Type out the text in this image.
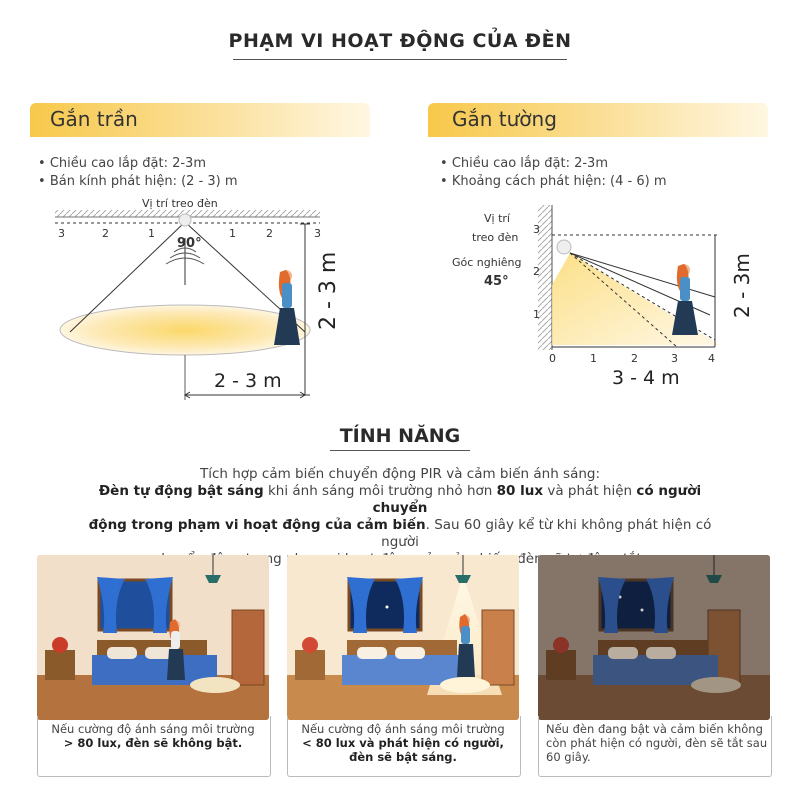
PHẠM VI HOẠT ĐỘNG CỦA ĐÈN
Gắn trần
• Chiều cao lắp đặt: 2-3m
• Bán kính phát hiện: (2 - 3) m
Vị trí treo đèn
90°
3	2	1	1	2	3
2 - 3 m
2 - 3 m
Gắn tường
• Chiều cao lắp đặt: 2-3m
• Khoảng cách phát hiện: (4 - 6) m
Vị trí
treo đèn
Góc nghiêng
45°
3
2
1
0	1	2	3	4
2 - 3m
3 - 4 m
TÍNH NĂNG
Tích hợp cảm biến chuyển động PIR và cảm biến ánh sáng:
Đèn tự động bật sáng khi ánh sáng môi trường nhỏ hơn 80 lux và phát hiện có người chuyển
động trong phạm vi hoạt động của cảm biến. Sau 60 giây kể từ khi không phát hiện có người
đèn
Nếu cường độ ánh sáng môi trường
> 80 lux, đèn sẽ không bật.
Nếu cường độ ánh sáng môi trường
< 80 lux và phát hiện có người,
đèn sẽ bật sáng.
Nếu đèn đang bật và cảm biến không
còn phát hiện có người, đèn sẽ tắt sau
60 giây.
